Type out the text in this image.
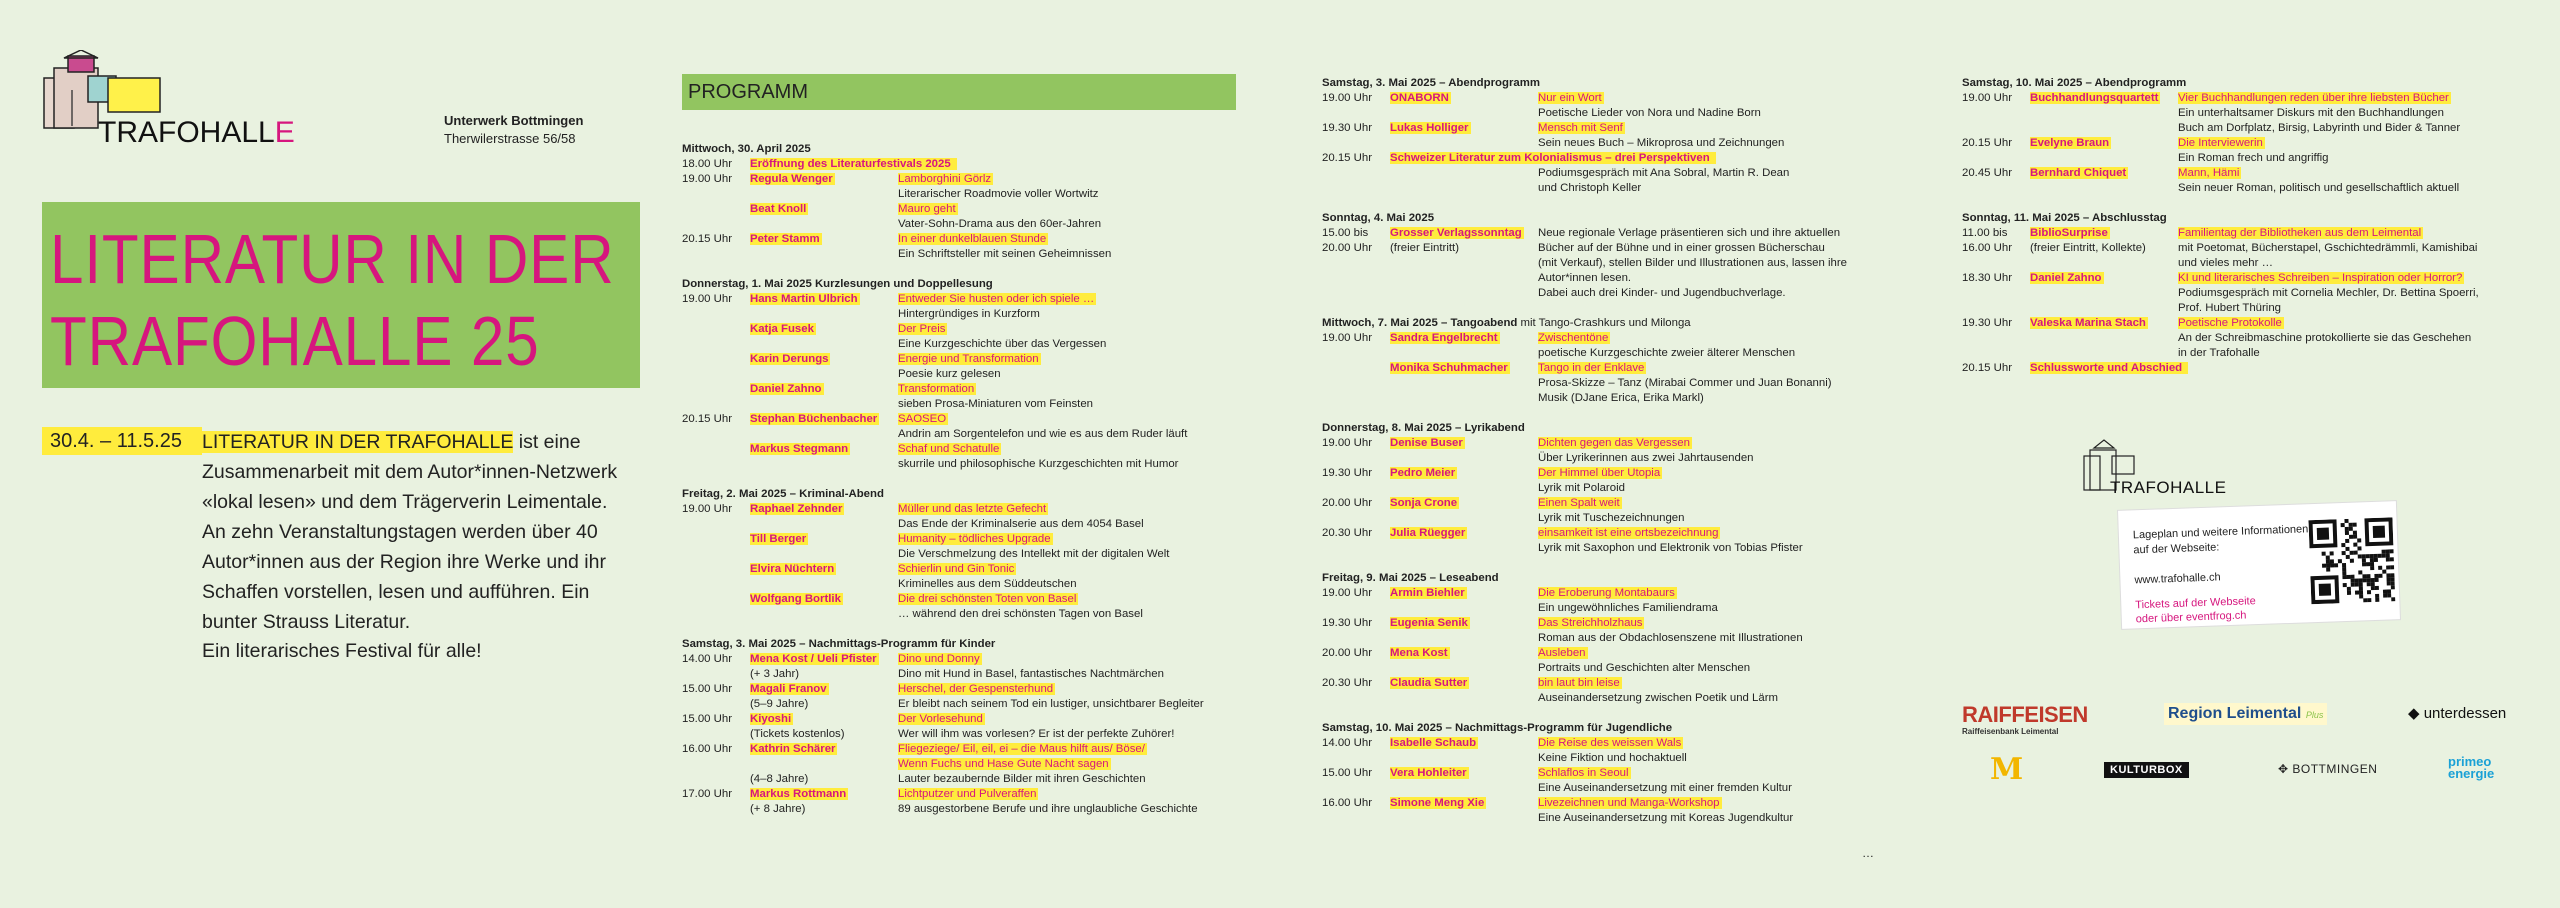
TRAFOHALLE	Unterwerk Bottmingen
Therwilerstrasse 56/58
LITERATUR IN DER
TRAFOHALLE 25
30.4. – 11.5.25	LITERATUR IN DER TRAFOHALLE ist eine Zusammenarbeit mit dem Autor*innen-Netzwerk «lokal lesen» und dem Trägerverin Leimentale. An zehn Veranstaltungstagen werden über 40 Autor*innen aus der Region ihre Werke und ihr Schaffen vorstellen, lesen und aufführen. Ein bunter Strauss Literatur.
Ein literarisches Festival für alle!
PROGRAMM
Mittwoch, 30. April 2025
18.00 Uhr	Eröffnung des Literaturfestivals 2025
19.00 Uhr	Regula Wenger	Lamborghini Görlz
Literarischer Roadmovie voller Wortwitz
Beat Knoll	Mauro geht
Vater-Sohn-Drama aus den 60er-Jahren
20.15 Uhr	Peter Stamm	In einer dunkelblauen Stunde
Ein Schriftsteller mit seinen Geheimnissen
Donnerstag, 1. Mai 2025 Kurzlesungen und Doppellesung
19.00 Uhr	Hans Martin Ulbrich	Entweder Sie husten oder ich spiele …
Hintergründiges in Kurzform
Katja Fusek	Der Preis
Eine Kurzgeschichte über das Vergessen
Karin Derungs	Energie und Transformation
Poesie kurz gelesen
Daniel Zahno	Transformation
sieben Prosa-Miniaturen vom Feinsten
20.15 Uhr	Stephan Büchenbacher	SAOSEO
Andrin am Sorgentelefon und wie es aus dem Ruder läuft
Markus Stegmann	Schaf und Schatulle
skurrile und philosophische Kurzgeschichten mit Humor
Freitag, 2. Mai 2025 – Kriminal-Abend
19.00 Uhr	Raphael Zehnder	Müller und das letzte Gefecht
Das Ende der Kriminalserie aus dem 4054 Basel
Till Berger	Humanity – tödliches Upgrade
Die Verschmelzung des Intellekt mit der digitalen Welt
Elvira Nüchtern	Schierlin und Gin Tonic
Kriminelles aus dem Süddeutschen
Wolfgang Bortlik	Die drei schönsten Toten von Basel
… während den drei schönsten Tagen von Basel
Samstag, 3. Mai 2025 – Nachmittags-Programm für Kinder
14.00 Uhr	Mena Kost / Ueli Pfister	Dino und Donny
(+ 3 Jahr)	Dino mit Hund in Basel, fantastisches Nachtmärchen
15.00 Uhr	Magali Franov	Herschel, der Gespensterhund
(5–9 Jahre)	Er bleibt nach seinem Tod ein lustiger, unsichtbarer Begleiter
15.00 Uhr	Kiyoshi	Der Vorlesehund
(Tickets kostenlos)	Wer will ihm was vorlesen? Er ist der perfekte Zuhörer!
16.00 Uhr	Kathrin Schärer	Fliegeziege/ Eil, eil, ei – die Maus hilft aus/ Böse/
Wenn Fuchs und Hase Gute Nacht sagen
(4–8 Jahre)	Lauter bezaubernde Bilder mit ihren Geschichten
17.00 Uhr	Markus Rottmann	Lichtputzer und Pulveraffen
(+ 8 Jahre)	89 ausgestorbene Berufe und ihre unglaubliche Geschichte
Samstag, 3. Mai 2025 – Abendprogramm
19.00 Uhr	ONABORN	Nur ein Wort
Poetische Lieder von Nora und Nadine Born
19.30 Uhr	Lukas Holliger	Mensch mit Senf
Sein neues Buch – Mikroprosa und Zeichnungen
20.15 Uhr	Schweizer Literatur zum Kolonialismus – drei Perspektiven
Podiumsgespräch mit Ana Sobral, Martin R. Dean
und Christoph Keller
Sonntag, 4. Mai 2025
15.00 bis	Grosser Verlagssonntag	Neue regionale Verlage präsentieren sich und ihre aktuellen
20.00 Uhr	(freier Eintritt)	Bücher auf der Bühne und in einer grossen Bücherschau
(mit Verkauf), stellen Bilder und Illustrationen aus, lassen ihre
Autor*innen lesen.
Dabei auch drei Kinder- und Jugendbuchverlage.
Mittwoch, 7. Mai 2025 – Tangoabend mit Tango-Crashkurs und Milonga
19.00 Uhr	Sandra Engelbrecht	Zwischentöne
poetische Kurzgeschichte zweier älterer Menschen
Monika Schuhmacher	Tango in der Enklave
Prosa-Skizze – Tanz (Mirabai Commer und Juan Bonanni)
Musik (DJane Erica, Erika Markl)
Donnerstag, 8. Mai 2025 – Lyrikabend
19.00 Uhr	Denise Buser	Dichten gegen das Vergessen
Über Lyrikerinnen aus zwei Jahrtausenden
19.30 Uhr	Pedro Meier	Der Himmel über Utopia
Lyrik mit Polaroid
20.00 Uhr	Sonja Crone	Einen Spalt weit
Lyrik mit Tuschezeichnungen
20.30 Uhr	Julia Rüegger	einsamkeit ist eine ortsbezeichnung
Lyrik mit Saxophon und Elektronik von Tobias Pfister
Freitag, 9. Mai 2025 – Leseabend
19.00 Uhr	Armin Biehler	Die Eroberung Montabaurs
Ein ungewöhnliches Familiendrama
19.30 Uhr	Eugenia Senik	Das Streichholzhaus
Roman aus der Obdachlosenszene mit Illustrationen
20.00 Uhr	Mena Kost	Ausleben
Portraits und Geschichten alter Menschen
20.30 Uhr	Claudia Sutter	bin laut bin leise
Auseinandersetzung zwischen Poetik und Lärm
Samstag, 10. Mai 2025 – Nachmittags-Programm für Jugendliche
14.00 Uhr	Isabelle Schaub	Die Reise des weissen Wals
Keine Fiktion und hochaktuell
15.00 Uhr	Vera Hohleiter	Schlaflos in Seoul
Eine Auseinandersetzung mit einer fremden Kultur
16.00 Uhr	Simone Meng Xie	Livezeichnen und Manga-Workshop
Eine Auseinandersetzung mit Koreas Jugendkultur
…
Samstag, 10. Mai 2025 – Abendprogramm
19.00 Uhr	Buchhandlungsquartett	Vier Buchhandlungen reden über ihre liebsten Bücher
Ein unterhaltsamer Diskurs mit den Buchhandlungen
Buch am Dorfplatz, Birsig, Labyrinth und Bider & Tanner
20.15 Uhr	Evelyne Braun	Die Interviewerin
Ein Roman frech und angriffig
20.45 Uhr	Bernhard Chiquet	Mann, Hämi
Sein neuer Roman, politisch und gesellschaftlich aktuell
Sonntag, 11. Mai 2025 – Abschlusstag
11.00 bis	BiblioSurprise	Familientag der Bibliotheken aus dem Leimental
16.00 Uhr	(freier Eintritt, Kollekte)	mit Poetomat, Bücherstapel, Gschichtedrämmli, Kamishibai
und vieles mehr …
18.30 Uhr	Daniel Zahno	KI und literarisches Schreiben – Inspiration oder Horror?
Podiumsgespräch mit Cornelia Mechler, Dr. Bettina Spoerri,
Prof. Hubert Thüring
19.30 Uhr	Valeska Marina Stach	Poetische Protokolle
An der Schreibmaschine protokollierte sie das Geschehen
in der Trafohalle
20.15 Uhr	Schlussworte und Abschied
TRAFOHALLE
Lageplan und weitere Informationen auf der Webseite:
www.trafohalle.ch
Tickets auf der Webseite
oder über eventfrog.ch
RAIFFEISEN
Raiffeisenbank Leimental
Region Leimental Plus	◆ unterdessen
M	KULTURBOX	✥ BOTTMINGEN	primeo
energie
